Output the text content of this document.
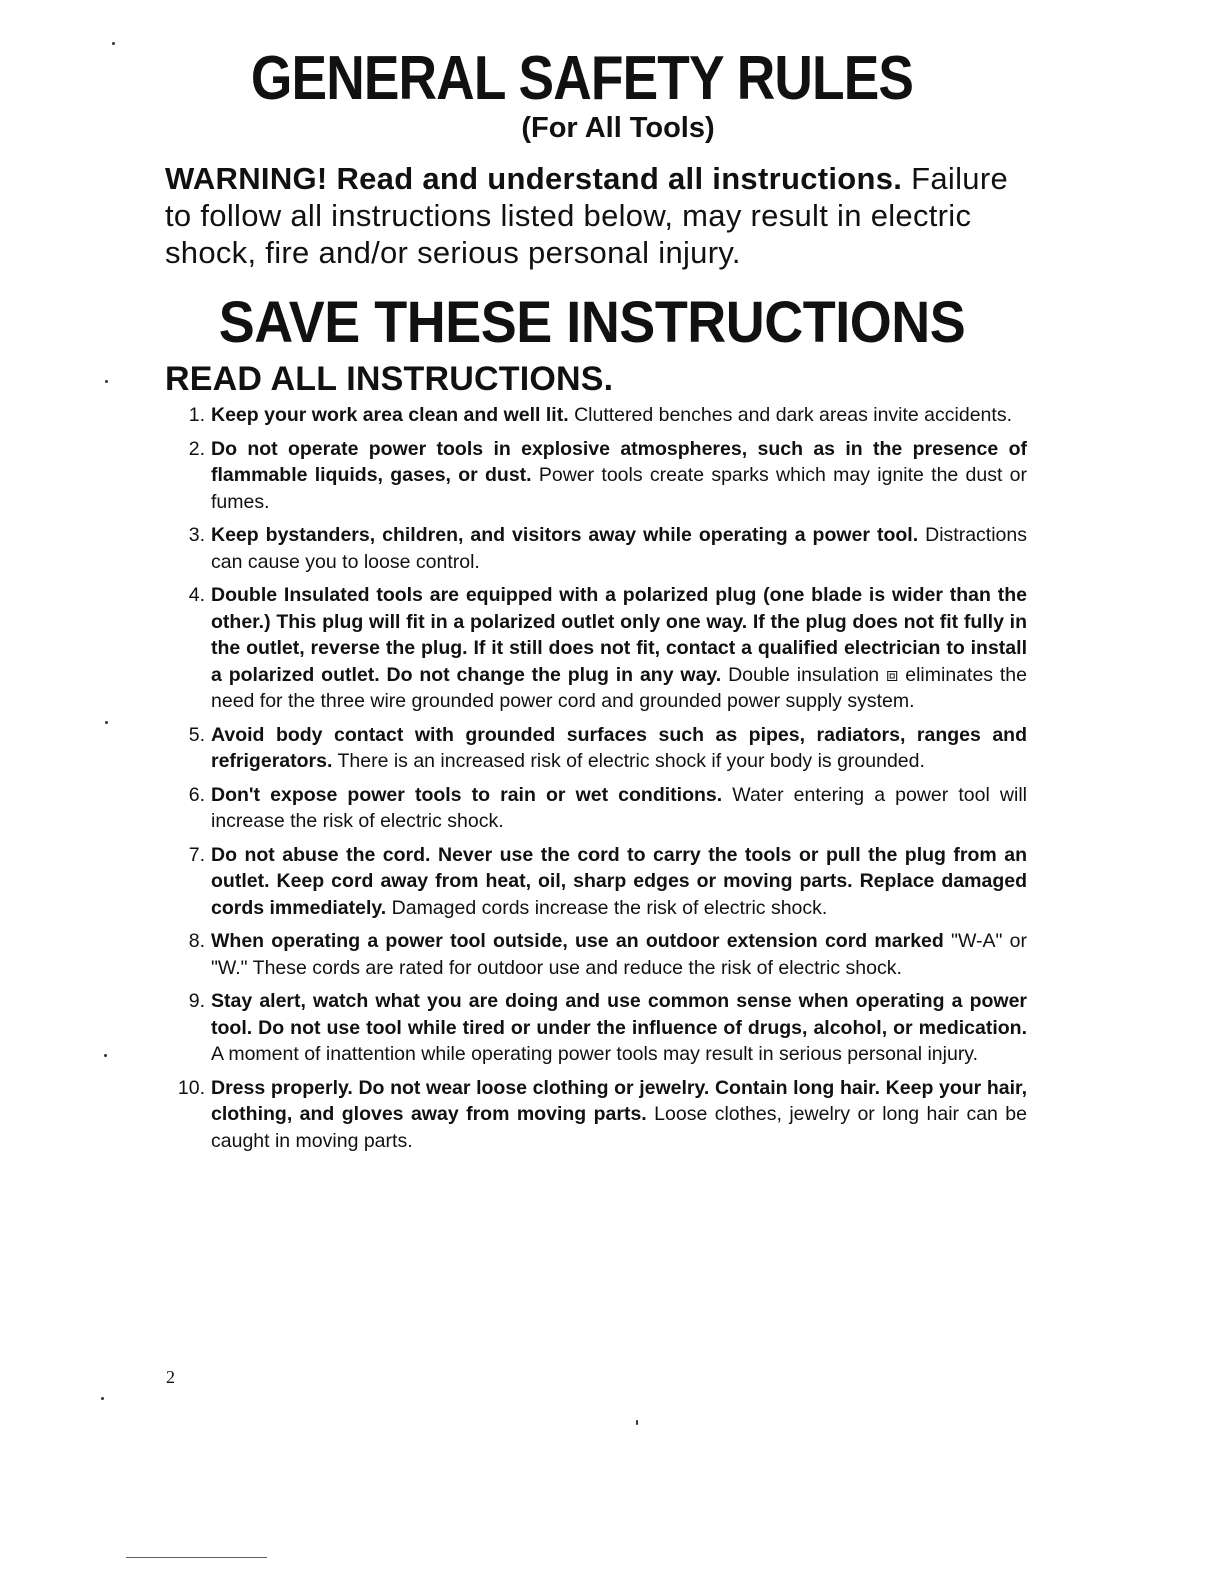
GENERAL SAFETY RULES
(For All Tools)
WARNING! Read and understand all instructions. Failure to follow all instructions listed below, may result in electric shock, fire and/or serious personal injury.
SAVE THESE INSTRUCTIONS
READ ALL INSTRUCTIONS.
1. Keep your work area clean and well lit. Cluttered benches and dark areas invite accidents.
2. Do not operate power tools in explosive atmospheres, such as in the presence of flammable liquids, gases, or dust. Power tools create sparks which may ignite the dust or fumes.
3. Keep bystanders, children, and visitors away while operating a power tool. Distractions can cause you to loose control.
4. Double Insulated tools are equipped with a polarized plug (one blade is wider than the other.) This plug will fit in a polarized outlet only one way. If the plug does not fit fully in the outlet, reverse the plug. If it still does not fit, contact a qualified electrician to install a polarized outlet. Do not change the plug in any way. Double insulation ⧈ eliminates the need for the three wire grounded power cord and grounded power supply system.
5. Avoid body contact with grounded surfaces such as pipes, radiators, ranges and refrigerators. There is an increased risk of electric shock if your body is grounded.
6. Don't expose power tools to rain or wet conditions. Water entering a power tool will increase the risk of electric shock.
7. Do not abuse the cord. Never use the cord to carry the tools or pull the plug from an outlet. Keep cord away from heat, oil, sharp edges or moving parts. Replace damaged cords immediately. Damaged cords increase the risk of electric shock.
8. When operating a power tool outside, use an outdoor extension cord marked "W-A" or "W." These cords are rated for outdoor use and reduce the risk of electric shock.
9. Stay alert, watch what you are doing and use common sense when operating a power tool. Do not use tool while tired or under the influence of drugs, alcohol, or medication. A moment of inattention while operating power tools may result in serious personal injury.
10. Dress properly. Do not wear loose clothing or jewelry. Contain long hair. Keep your hair, clothing, and gloves away from moving parts. Loose clothes, jewelry or long hair can be caught in moving parts.
2
